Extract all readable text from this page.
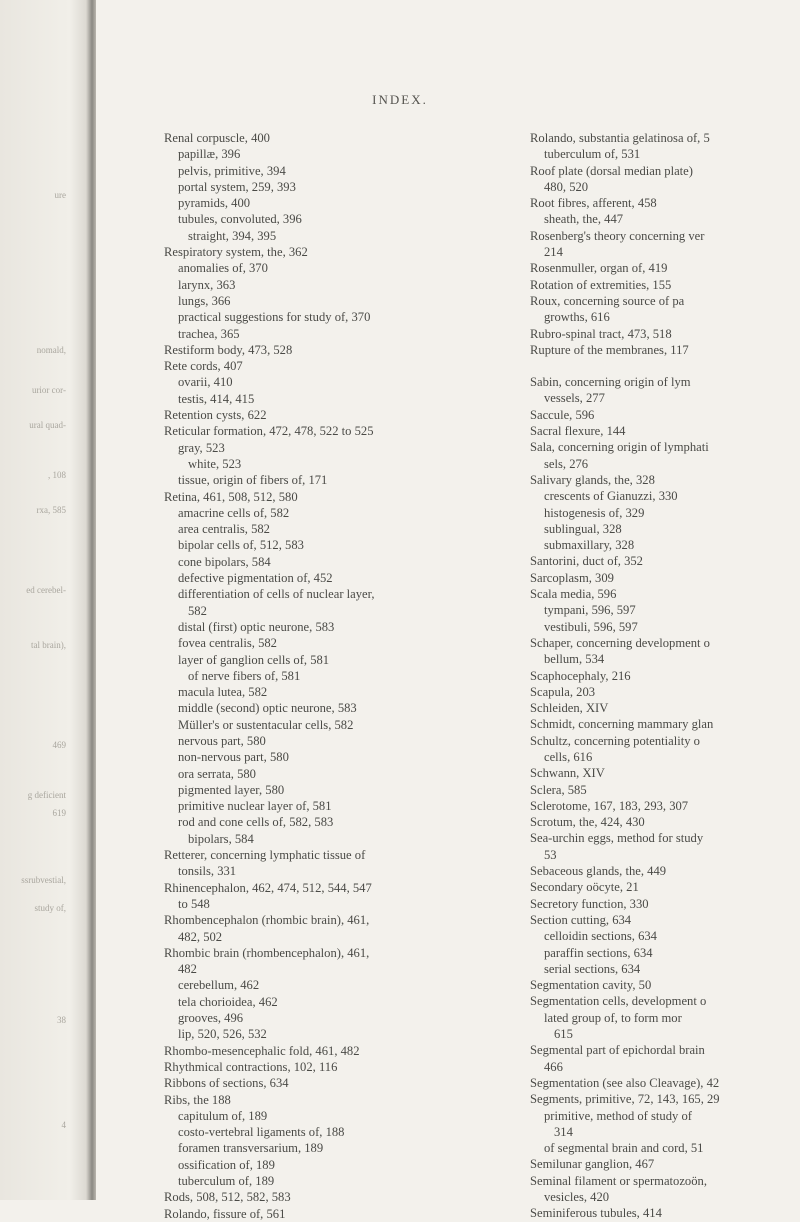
ure
nomald,
urior cor-
ural quad-
, 108
rxa, 585
ed cerebel-
tal brain),
469
g deficient
619
ssrubvestial,
study of,
38
4
INDEX.
Renal corpuscle, 400
papillæ, 396
pelvis, primitive, 394
portal system, 259, 393
pyramids, 400
tubules, convoluted, 396
straight, 394, 395
Respiratory system, the, 362
anomalies of, 370
larynx, 363
lungs, 366
practical suggestions for study of, 370
trachea, 365
Restiform body, 473, 528
Rete cords, 407
ovarii, 410
testis, 414, 415
Retention cysts, 622
Reticular formation, 472, 478, 522 to 525
gray, 523
white, 523
tissue, origin of fibers of, 171
Retina, 461, 508, 512, 580
amacrine cells of, 582
area centralis, 582
bipolar cells of, 512, 583
cone bipolars, 584
defective pigmentation of, 452
differentiation of cells of nuclear layer,
582
distal (first) optic neurone, 583
fovea centralis, 582
layer of ganglion cells of, 581
of nerve fibers of, 581
macula lutea, 582
middle (second) optic neurone, 583
Müller's or sustentacular cells, 582
nervous part, 580
non-nervous part, 580
ora serrata, 580
pigmented layer, 580
primitive nuclear layer of, 581
rod and cone cells of, 582, 583
bipolars, 584
Retterer, concerning lymphatic tissue of
tonsils, 331
Rhinencephalon, 462, 474, 512, 544, 547
to 548
Rhombencephalon (rhombic brain), 461,
482, 502
Rhombic brain (rhombencephalon), 461,
482
cerebellum, 462
tela chorioidea, 462
grooves, 496
lip, 520, 526, 532
Rhombo-mesencephalic fold, 461, 482
Rhythmical contractions, 102, 116
Ribbons of sections, 634
Ribs, the 188
capitulum of, 189
costo-vertebral ligaments of, 188
foramen transversarium, 189
ossification of, 189
tuberculum of, 189
Rods, 508, 512, 582, 583
Rolando, fissure of, 561
Rolando, substantia gelatinosa of, 5
tuberculum of, 531
Roof plate (dorsal median plate)
480, 520
Root fibres, afferent, 458
sheath, the, 447
Rosenberg's theory concerning ver
214
Rosenmuller, organ of, 419
Rotation of extremities, 155
Roux, concerning source of pa
growths, 616
Rubro-spinal tract, 473, 518
Rupture of the membranes, 117
Sabin, concerning origin of lym
vessels, 277
Saccule, 596
Sacral flexure, 144
Sala, concerning origin of lymphati
sels, 276
Salivary glands, the, 328
crescents of Gianuzzi, 330
histogenesis of, 329
sublingual, 328
submaxillary, 328
Santorini, duct of, 352
Sarcoplasm, 309
Scala media, 596
tympani, 596, 597
vestibuli, 596, 597
Schaper, concerning development o
bellum, 534
Scaphocephaly, 216
Scapula, 203
Schleiden, XIV
Schmidt, concerning mammary glan
Schultz, concerning potentiality o
cells, 616
Schwann, XIV
Sclera, 585
Sclerotome, 167, 183, 293, 307
Scrotum, the, 424, 430
Sea-urchin eggs, method for study
53
Sebaceous glands, the, 449
Secondary oöcyte, 21
Secretory function, 330
Section cutting, 634
celloidin sections, 634
paraffin sections, 634
serial sections, 634
Segmentation cavity, 50
Segmentation cells, development o
lated group of, to form mor
615
Segmental part of epichordal brain
466
Segmentation (see also Cleavage), 42
Segments, primitive, 72, 143, 165, 29
primitive, method of study of
314
of segmental brain and cord, 51
Semilunar ganglion, 467
Seminal filament or spermatozoön,
vesicles, 420
Seminiferous tubules, 414
